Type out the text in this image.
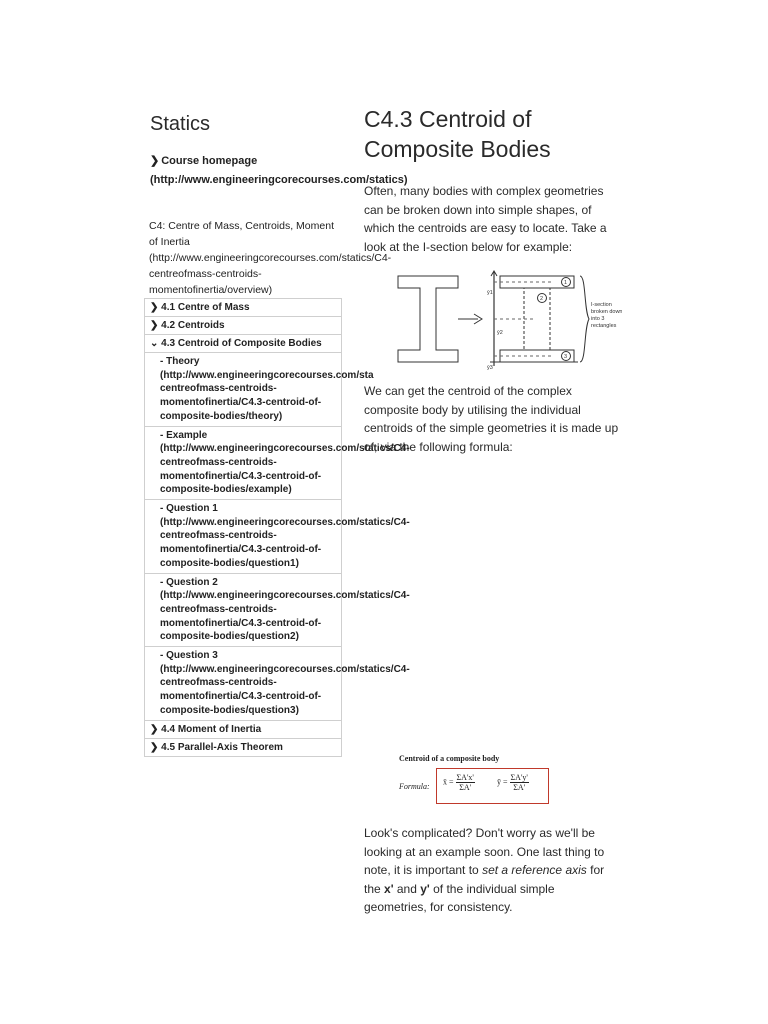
Statics
❯ Course homepage
(http://www.engineeringcorecourses.com/statics)
C4: Centre of Mass, Centroids, Moment
of Inertia
(http://www.engineeringcorecourses.com/statics/C4-
centreofmass-centroids-
momentofinertia/overview)
❯ 4.1 Centre of Mass
❯ 4.2 Centroids
⌄ 4.3 Centroid of Composite Bodies
- Theory
(http://www.engineeringcorecourses.com/sta
centreofmass-centroids-
momentofinertia/C4.3-centroid-of-
composite-bodies/theory)
- Example
(http://www.engineeringcorecourses.com/statics/C4-
centreofmass-centroids-
momentofinertia/C4.3-centroid-of-
composite-bodies/example)
- Question 1
(http://www.engineeringcorecourses.com/statics/C4-
centreofmass-centroids-
momentofinertia/C4.3-centroid-of-
composite-bodies/question1)
- Question 2
(http://www.engineeringcorecourses.com/statics/C4-
centreofmass-centroids-
momentofinertia/C4.3-centroid-of-
composite-bodies/question2)
- Question 3
(http://www.engineeringcorecourses.com/statics/C4-
centreofmass-centroids-
momentofinertia/C4.3-centroid-of-
composite-bodies/question3)
❯ 4.4 Moment of Inertia
❯ 4.5 Parallel-Axis Theorem
C4.3 Centroid of
Composite Bodies
Often, many bodies with complex geometries
can be broken down into simple shapes, of
which the centroids are easy to locate. Take a
look at the I-section below for example:
1
2
3
ȳ1
ȳ2
ȳ3
I-section
broken down
into 3
rectangles
We can get the centroid of the complex
composite body by utilising the individual
centroids of the simple geometries it is made up
of, via the following formula:
Centroid of a composite body
Formula:
x̄ = $\frac{\Sigma A'x'}{\Sigma A'}$	ȳ = $\frac{\Sigma A'y'}{\Sigma A'}$
Look's complicated? Don't worry as we'll be
looking at an example soon. One last thing to
note, it is important to set a reference axis for
the x' and y' of the individual simple
geometries, for consistency.
